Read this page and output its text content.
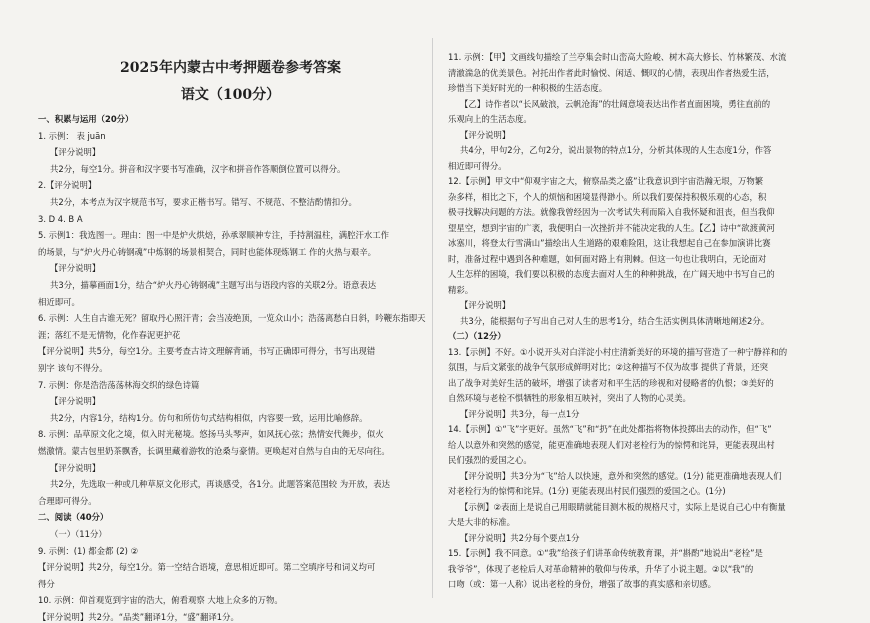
2025年内蒙古中考押题卷参考答案
语文（100分）
一、积累与运用（20分）
1. 示例： 表 juān
【评分说明】
共2分，每空1分。拼音和汉字要书写准确，汉字和拼音作答顺倒位置可以得分。
2.【评分说明】
共2分，本考点为汉字规范书写，要求正楷书写。错写、不规范、不整洁酌情扣分。
3. D 4. B A
5. 示例1：我选图一。理由：图一中是炉火烘焙，孙承翠顺神专注，手持割温柱，满腔汗水工作
的场景，与“炉火丹心铸钢魂”中炼钢的场景相契合，同时也能体现炼钢工 作的火热与艰辛。
【评分说明】
共3分，描摹画面1分，结合“炉火丹心铸钢魂”主题写出与语段内容的关联2分。语意表达
相近即可。
6. 示例：人生自古谁无死？留取丹心照汗青；会当凌绝顶，一览众山小；浩荡离愁白日斜，吟鞭东指即天
涯；落红不是无情物，化作春泥更护花
【评分说明】共5分，每空1分。主要考查古诗文理解背诵，书写正确即可得分，书写出现错
别字 该句不得分。
7. 示例：你是浩浩荡荡林海交织的绿色诗篇
【评分说明】
共2分，内容1分，结构1分。仿句和所仿句式结构相似，内容要一致，运用比喻修辞。
8. 示例：品草原文化之境，似入时光秘境。悠扬马头琴声，如风抚心弦；热情安代舞步，似火
燃激情。蒙古包里奶茶飘香，长调里藏着游牧的沧桑与豪情。更唤起对自然与自由的无尽向往。
【评分说明】
共2分，先选取一种或几种草原文化形式，再谈感受，各1分。此题答案范围较 为开放，表达
合理即可得分。
二、阅读（40分）
（一）（11分）
9. 示例：(1) 都金都 (2) ②
【评分说明】共2分，每空1分。第一空结合语境，意思相近即可。第二空填序号和词义均可
得分
10. 示例：仰首观览到宇宙的浩大，俯看观察 大地上众多的万物。
【评分说明】共2分。“品类”翻译1分，“盛”翻译1分。
11. 示例：【甲】文画线句描绘了兰亭集会时山峦高大险峻、树木高大修长、竹林繁茂、水流
清澈湍急的优美景色。衬托出作者此时愉悦、闲适、慨叹的心情，表现出作者热爱生活，
珍惜当下美好时光的一种积极的生活态度。
【乙】诗作者以“长风破浪，云帆沧海”的壮阔意境表达出作者直面困境，勇往直前的
乐观向上的生活态度。
【评分说明】
共4分，甲句2分，乙句2分，说出景物的特点1分，分析其体现的人生态度1分，作答
相近即可得分。
12.【示例】甲文中“仰观宇宙之大，俯察品类之盛”让我意识到宇宙浩瀚无垠，万物繁
杂多样，相比之下，个人的烦恼和困境显得渺小。所以我们要保持积极乐观的心态，积
极寻找解决问题的方法。就像我曾经因为一次考试失利而陷入自我怀疑和沮丧，但当我仰
望星空，想到宇宙的广袤，我便明白一次挫折并不能决定我的人生。【乙】诗中“欲渡黄河
冰塞川，将登太行雪满山”描绘出人生道路的艰难险阻，这让我想起自己在参加演讲比赛
时，准备过程中遇到各种难题，如何面对路上有荆棘。但这一句也让我明白，无论面对
人生怎样的困境，我们要以积极的态度去面对人生的种种挑战，在广阔天地中书写自己的
精彩。
【评分说明】
共3分，能根据句子写出自己对人生的思考1分，结合生活实例具体清晰地阐述2分。
（二）（12分）
13.【示例】不好。①小说开头对白洋淀小村庄清新美好的环境的描写营造了一种宁静祥和的
氛围，与后文紧张的战争气氛形成鲜明对比；②这种描写不仅为故事 提供了背景，还突
出了战争对美好生活的破坏，增强了读者对和平生活的珍视和对侵略者的仇恨；③美好的
自然环境与老栓不惧牺牲的形象相互映衬，突出了人物的心灵美。
【评分说明】共3分，每一点1分
14.【示例】①“飞”字更好。虽然“飞”和“扔”在此处都指将物体投掷出去的动作，但“飞”
给人以意外和突然的感觉，能更准确地表现人们对老栓行为的惊愕和诧异，更能表现出村
民们强烈的爱国之心。
【评分说明】共3分为“飞”给人以快速，意外和突然的感觉。(1分) 能更准确地表现人们
对老栓行为的惊愕和诧异。(1分) 更能表现出村民们强烈的爱国之心。(1分)
【示例】②表面上是说自己用眼睛就能目测木板的规格尺寸，实际上是说自己心中有衡量
大是大非的标准。
【评分说明】共2分每个要点1分
15.【示例】我不同意。①“我”给孩子们讲革命传统教育课，并“斟酌”地说出“老栓”是
我爷爷”，体现了老栓后人对革命精神的敬仰与传承，升华了小说主题。②以“我”的
口吻（或：第一人称）说出老栓的身份，增强了故事的真实感和亲切感。
